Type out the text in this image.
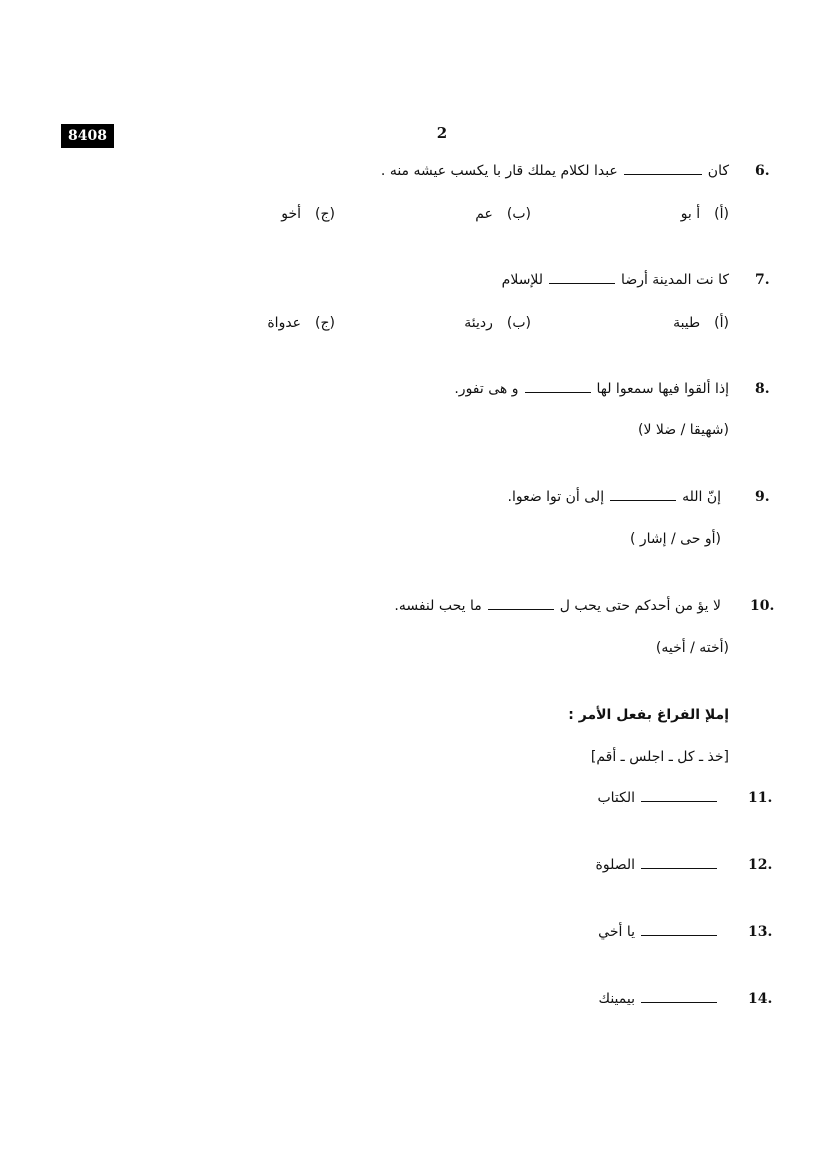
8408	2
6.
كانعبدا لكلام يملك قار با يكسب عيشه منه .
(أ)أ بو
(ب)عم
(ج)أخو
7.
كا نت المدينة أرضاللإسلام
(أ)طيبة
(ب)رديئة
(ج)عدواة
8.
إذا ألقوا فيها سمعوا لهاو هى تفور.
(شهيقا / ضلا لا)
9.
إنّ اللهإلى أن توا ضعوا.
(أو حى / إشار )
10.
لا يؤ من أحدكم حتى يحب لما يحب لنفسه.
(أخته / أخيه)
إملإ الفراغ بفعل الأمر :
[خذ ـ كل ـ اجلس ـ أقم]
11.
الكتاب
12.
الصلوة
13.
يا أخي
14.
بيمينك
